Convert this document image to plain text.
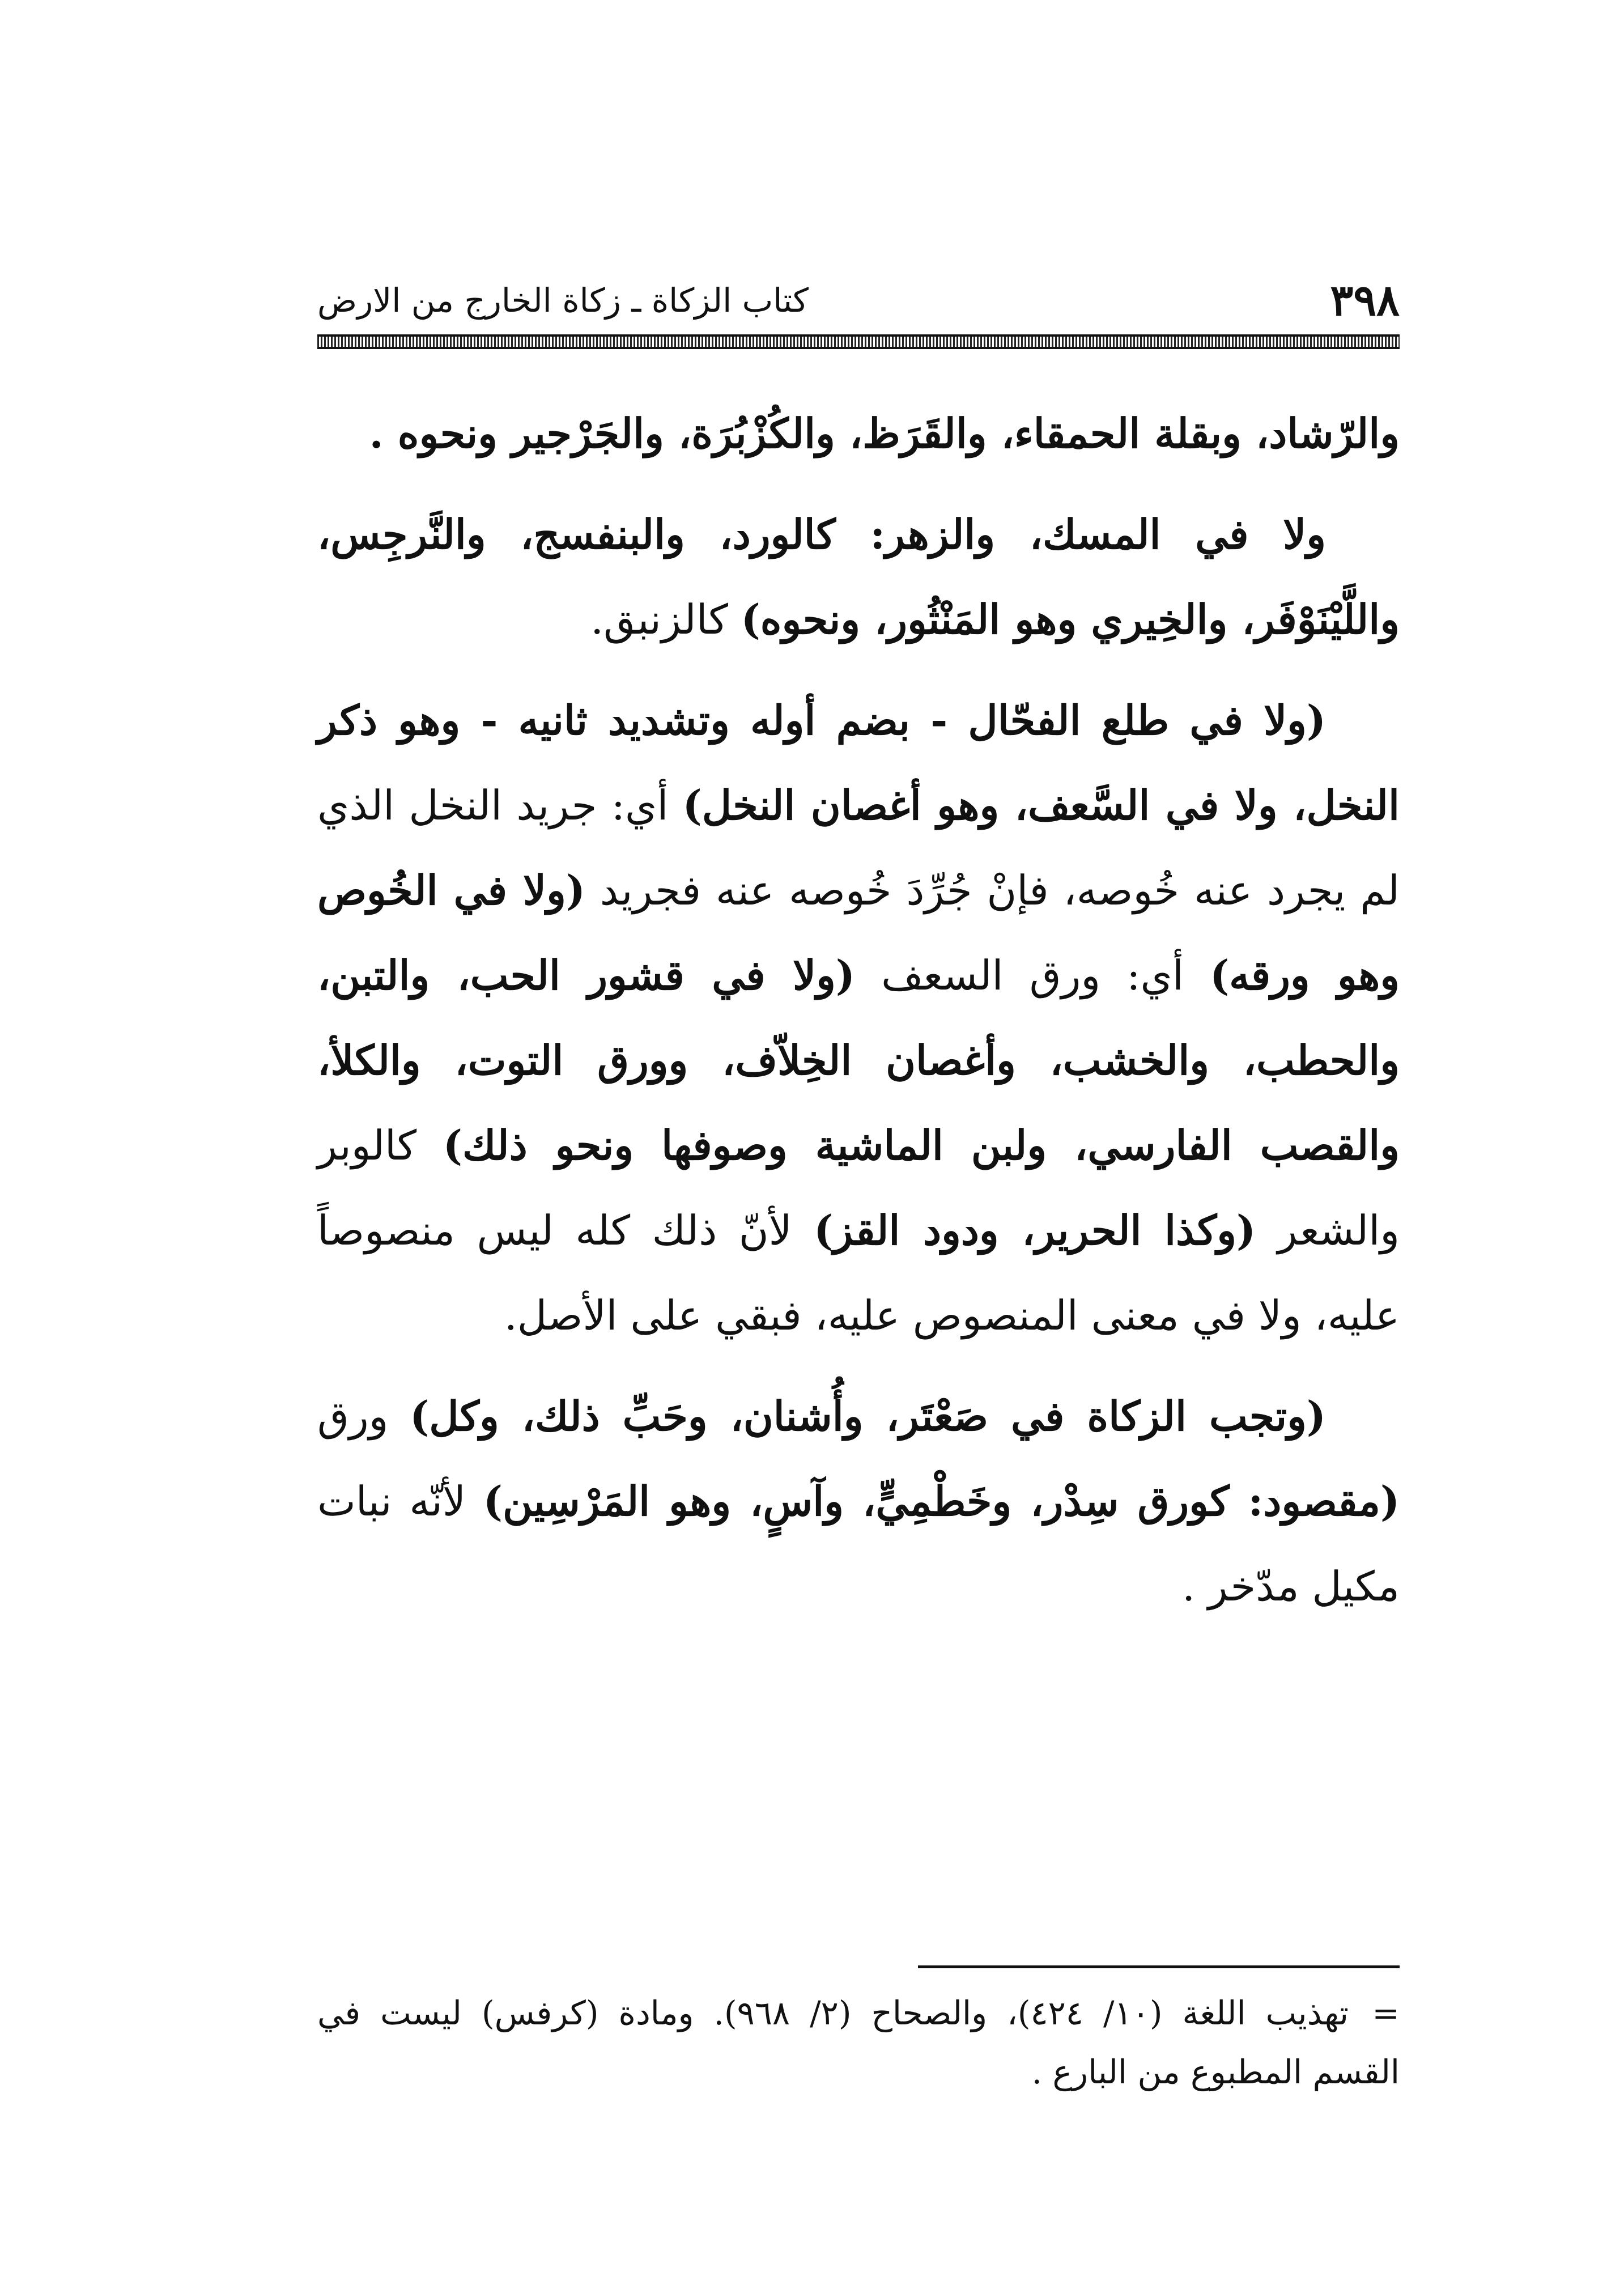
٣٩٨
كتاب الزكاة ـ زكاة الخارج من الارض

والرّشاد، وبقلة الحمقاء، والقَرَظ، والكُزْبُرَة، والجَرْجير ونحوه .

ولا في المسك، والزهر: كالورد، والبنفسج، والنَّرجِس، واللَّيْنَوْفَر، والخِيري وهو المَنْثُور، ونحوه) كالزنبق.

(ولا في طلع الفحّال - بضم أوله وتشديد ثانيه - وهو ذكر النخل، ولا في السَّعف، وهو أغصان النخل) أي: جريد النخل الذي لم يجرد عنه خُوصه، فإنْ جُرِّدَ خُوصه عنه فجريد (ولا في الخُوص وهو ورقه) أي: ورق السعف (ولا في قشور الحب، والتبن، والحطب، والخشب، وأغصان الخِلاّف، وورق التوت، والكلأ، والقصب الفارسي، ولبن الماشية وصوفها ونحو ذلك) كالوبر والشعر (وكذا الحرير، ودود القز) لأنّ ذلك كله ليس منصوصاً عليه، ولا في معنى المنصوص عليه، فبقي على الأصل.

(وتجب الزكاة في صَعْتَر، وأُشنان، وحَبِّ ذلك، وكل) ورق (مقصود: كورق سِدْر، وخَطْمِيٍّ، وآسٍ، وهو المَرْسِين) لأنّه نبات مكيل مدّخر .

=تهذيب اللغة (١٠/ ٤٢٤)، والصحاح (٢/ ٩٦٨). ومادة (كرفس) ليست في القسم المطبوع من البارع .
